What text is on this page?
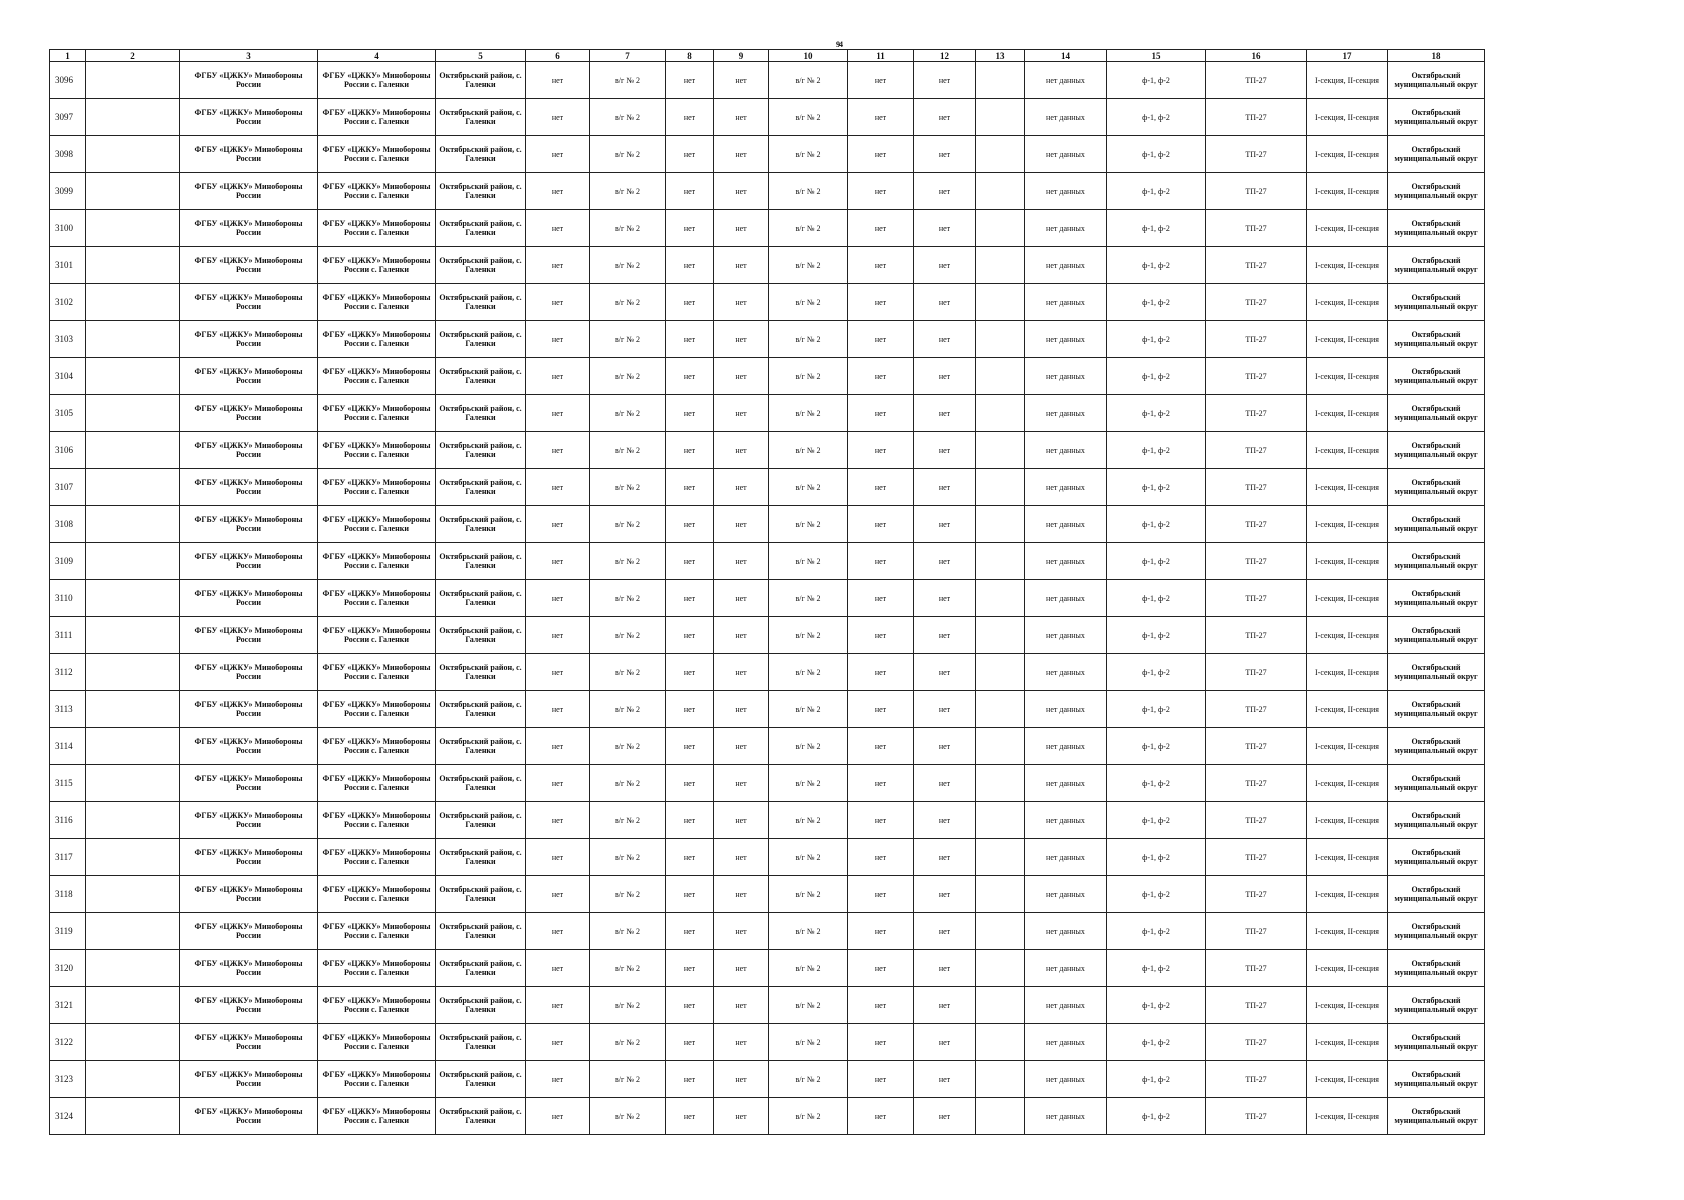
94
1	2	3	4	5	6	7	8	9	10	11	12	13	14	15	16	17	18
3096		ФГБУ «ЦЖКУ» Минобороны России	ФГБУ «ЦЖКУ» Минобороны России с. Галенки	Октябрьский район, с. Галенки	нет	в/г № 2	нет	нет	в/г № 2	нет	нет		нет данных	ф-1, ф-2	ТП-27	I-секция, II-секция	Октябрьский муниципальный округ
3097		ФГБУ «ЦЖКУ» Минобороны России	ФГБУ «ЦЖКУ» Минобороны России с. Галенки	Октябрьский район, с. Галенки	нет	в/г № 2	нет	нет	в/г № 2	нет	нет		нет данных	ф-1, ф-2	ТП-27	I-секция, II-секция	Октябрьский муниципальный округ
3098		ФГБУ «ЦЖКУ» Минобороны России	ФГБУ «ЦЖКУ» Минобороны России с. Галенки	Октябрьский район, с. Галенки	нет	в/г № 2	нет	нет	в/г № 2	нет	нет		нет данных	ф-1, ф-2	ТП-27	I-секция, II-секция	Октябрьский муниципальный округ
3099		ФГБУ «ЦЖКУ» Минобороны России	ФГБУ «ЦЖКУ» Минобороны России с. Галенки	Октябрьский район, с. Галенки	нет	в/г № 2	нет	нет	в/г № 2	нет	нет		нет данных	ф-1, ф-2	ТП-27	I-секция, II-секция	Октябрьский муниципальный округ
3100		ФГБУ «ЦЖКУ» Минобороны России	ФГБУ «ЦЖКУ» Минобороны России с. Галенки	Октябрьский район, с. Галенки	нет	в/г № 2	нет	нет	в/г № 2	нет	нет		нет данных	ф-1, ф-2	ТП-27	I-секция, II-секция	Октябрьский муниципальный округ
3101		ФГБУ «ЦЖКУ» Минобороны России	ФГБУ «ЦЖКУ» Минобороны России с. Галенки	Октябрьский район, с. Галенки	нет	в/г № 2	нет	нет	в/г № 2	нет	нет		нет данных	ф-1, ф-2	ТП-27	I-секция, II-секция	Октябрьский муниципальный округ
3102		ФГБУ «ЦЖКУ» Минобороны России	ФГБУ «ЦЖКУ» Минобороны России с. Галенки	Октябрьский район, с. Галенки	нет	в/г № 2	нет	нет	в/г № 2	нет	нет		нет данных	ф-1, ф-2	ТП-27	I-секция, II-секция	Октябрьский муниципальный округ
3103		ФГБУ «ЦЖКУ» Минобороны России	ФГБУ «ЦЖКУ» Минобороны России с. Галенки	Октябрьский район, с. Галенки	нет	в/г № 2	нет	нет	в/г № 2	нет	нет		нет данных	ф-1, ф-2	ТП-27	I-секция, II-секция	Октябрьский муниципальный округ
3104		ФГБУ «ЦЖКУ» Минобороны России	ФГБУ «ЦЖКУ» Минобороны России с. Галенки	Октябрьский район, с. Галенки	нет	в/г № 2	нет	нет	в/г № 2	нет	нет		нет данных	ф-1, ф-2	ТП-27	I-секция, II-секция	Октябрьский муниципальный округ
3105		ФГБУ «ЦЖКУ» Минобороны России	ФГБУ «ЦЖКУ» Минобороны России с. Галенки	Октябрьский район, с. Галенки	нет	в/г № 2	нет	нет	в/г № 2	нет	нет		нет данных	ф-1, ф-2	ТП-27	I-секция, II-секция	Октябрьский муниципальный округ
3106		ФГБУ «ЦЖКУ» Минобороны России	ФГБУ «ЦЖКУ» Минобороны России с. Галенки	Октябрьский район, с. Галенки	нет	в/г № 2	нет	нет	в/г № 2	нет	нет		нет данных	ф-1, ф-2	ТП-27	I-секция, II-секция	Октябрьский муниципальный округ
3107		ФГБУ «ЦЖКУ» Минобороны России	ФГБУ «ЦЖКУ» Минобороны России с. Галенки	Октябрьский район, с. Галенки	нет	в/г № 2	нет	нет	в/г № 2	нет	нет		нет данных	ф-1, ф-2	ТП-27	I-секция, II-секция	Октябрьский муниципальный округ
3108		ФГБУ «ЦЖКУ» Минобороны России	ФГБУ «ЦЖКУ» Минобороны России с. Галенки	Октябрьский район, с. Галенки	нет	в/г № 2	нет	нет	в/г № 2	нет	нет		нет данных	ф-1, ф-2	ТП-27	I-секция, II-секция	Октябрьский муниципальный округ
3109		ФГБУ «ЦЖКУ» Минобороны России	ФГБУ «ЦЖКУ» Минобороны России с. Галенки	Октябрьский район, с. Галенки	нет	в/г № 2	нет	нет	в/г № 2	нет	нет		нет данных	ф-1, ф-2	ТП-27	I-секция, II-секция	Октябрьский муниципальный округ
3110		ФГБУ «ЦЖКУ» Минобороны России	ФГБУ «ЦЖКУ» Минобороны России с. Галенки	Октябрьский район, с. Галенки	нет	в/г № 2	нет	нет	в/г № 2	нет	нет		нет данных	ф-1, ф-2	ТП-27	I-секция, II-секция	Октябрьский муниципальный округ
3111		ФГБУ «ЦЖКУ» Минобороны России	ФГБУ «ЦЖКУ» Минобороны России с. Галенки	Октябрьский район, с. Галенки	нет	в/г № 2	нет	нет	в/г № 2	нет	нет		нет данных	ф-1, ф-2	ТП-27	I-секция, II-секция	Октябрьский муниципальный округ
3112		ФГБУ «ЦЖКУ» Минобороны России	ФГБУ «ЦЖКУ» Минобороны России с. Галенки	Октябрьский район, с. Галенки	нет	в/г № 2	нет	нет	в/г № 2	нет	нет		нет данных	ф-1, ф-2	ТП-27	I-секция, II-секция	Октябрьский муниципальный округ
3113		ФГБУ «ЦЖКУ» Минобороны России	ФГБУ «ЦЖКУ» Минобороны России с. Галенки	Октябрьский район, с. Галенки	нет	в/г № 2	нет	нет	в/г № 2	нет	нет		нет данных	ф-1, ф-2	ТП-27	I-секция, II-секция	Октябрьский муниципальный округ
3114		ФГБУ «ЦЖКУ» Минобороны России	ФГБУ «ЦЖКУ» Минобороны России с. Галенки	Октябрьский район, с. Галенки	нет	в/г № 2	нет	нет	в/г № 2	нет	нет		нет данных	ф-1, ф-2	ТП-27	I-секция, II-секция	Октябрьский муниципальный округ
3115		ФГБУ «ЦЖКУ» Минобороны России	ФГБУ «ЦЖКУ» Минобороны России с. Галенки	Октябрьский район, с. Галенки	нет	в/г № 2	нет	нет	в/г № 2	нет	нет		нет данных	ф-1, ф-2	ТП-27	I-секция, II-секция	Октябрьский муниципальный округ
3116		ФГБУ «ЦЖКУ» Минобороны России	ФГБУ «ЦЖКУ» Минобороны России с. Галенки	Октябрьский район, с. Галенки	нет	в/г № 2	нет	нет	в/г № 2	нет	нет		нет данных	ф-1, ф-2	ТП-27	I-секция, II-секция	Октябрьский муниципальный округ
3117		ФГБУ «ЦЖКУ» Минобороны России	ФГБУ «ЦЖКУ» Минобороны России с. Галенки	Октябрьский район, с. Галенки	нет	в/г № 2	нет	нет	в/г № 2	нет	нет		нет данных	ф-1, ф-2	ТП-27	I-секция, II-секция	Октябрьский муниципальный округ
3118		ФГБУ «ЦЖКУ» Минобороны России	ФГБУ «ЦЖКУ» Минобороны России с. Галенки	Октябрьский район, с. Галенки	нет	в/г № 2	нет	нет	в/г № 2	нет	нет		нет данных	ф-1, ф-2	ТП-27	I-секция, II-секция	Октябрьский муниципальный округ
3119		ФГБУ «ЦЖКУ» Минобороны России	ФГБУ «ЦЖКУ» Минобороны России с. Галенки	Октябрьский район, с. Галенки	нет	в/г № 2	нет	нет	в/г № 2	нет	нет		нет данных	ф-1, ф-2	ТП-27	I-секция, II-секция	Октябрьский муниципальный округ
3120		ФГБУ «ЦЖКУ» Минобороны России	ФГБУ «ЦЖКУ» Минобороны России с. Галенки	Октябрьский район, с. Галенки	нет	в/г № 2	нет	нет	в/г № 2	нет	нет		нет данных	ф-1, ф-2	ТП-27	I-секция, II-секция	Октябрьский муниципальный округ
3121		ФГБУ «ЦЖКУ» Минобороны России	ФГБУ «ЦЖКУ» Минобороны России с. Галенки	Октябрьский район, с. Галенки	нет	в/г № 2	нет	нет	в/г № 2	нет	нет		нет данных	ф-1, ф-2	ТП-27	I-секция, II-секция	Октябрьский муниципальный округ
3122		ФГБУ «ЦЖКУ» Минобороны России	ФГБУ «ЦЖКУ» Минобороны России с. Галенки	Октябрьский район, с. Галенки	нет	в/г № 2	нет	нет	в/г № 2	нет	нет		нет данных	ф-1, ф-2	ТП-27	I-секция, II-секция	Октябрьский муниципальный округ
3123		ФГБУ «ЦЖКУ» Минобороны России	ФГБУ «ЦЖКУ» Минобороны России с. Галенки	Октябрьский район, с. Галенки	нет	в/г № 2	нет	нет	в/г № 2	нет	нет		нет данных	ф-1, ф-2	ТП-27	I-секция, II-секция	Октябрьский муниципальный округ
3124		ФГБУ «ЦЖКУ» Минобороны России	ФГБУ «ЦЖКУ» Минобороны России с. Галенки	Октябрьский район, с. Галенки	нет	в/г № 2	нет	нет	в/г № 2	нет	нет		нет данных	ф-1, ф-2	ТП-27	I-секция, II-секция	Октябрьский муниципальный округ
